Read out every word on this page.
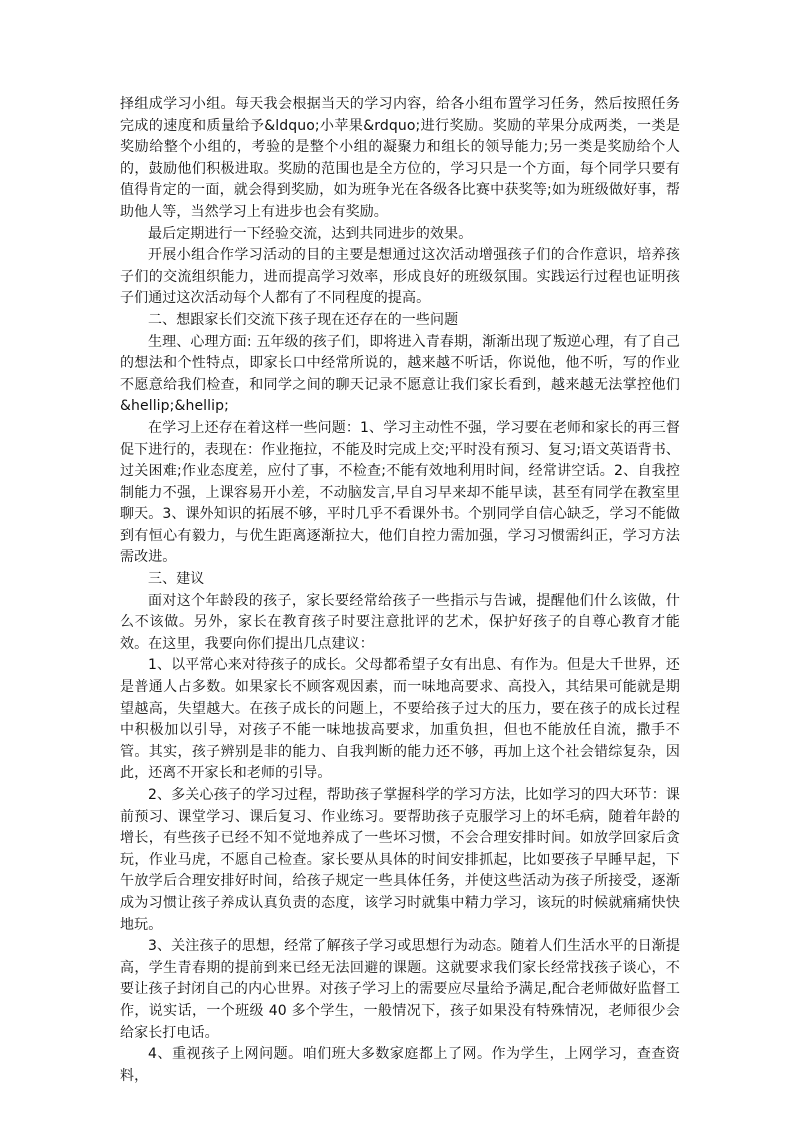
择组成学习小组。每天我会根据当天的学习内容，给各小组布置学习任务，然后按照任务完成的速度和质量给予&ldquo;小苹果&rdquo;进行奖励。奖励的苹果分成两类，一类是奖励给整个小组的，考验的是整个小组的凝聚力和组长的领导能力;另一类是奖励给个人的，鼓励他们积极进取。奖励的范围也是全方位的，学习只是一个方面，每个同学只要有值得肯定的一面，就会得到奖励，如为班争光在各级各比赛中获奖等;如为班级做好事，帮助他人等，当然学习上有进步也会有奖励。

最后定期进行一下经验交流，达到共同进步的效果。

开展小组合作学习活动的目的主要是想通过这次活动增强孩子们的合作意识，培养孩子们的交流组织能力，进而提高学习效率，形成良好的班级氛围。实践运行过程也证明孩子们通过这次活动每个人都有了不同程度的提高。

二、想跟家长们交流下孩子现在还存在的一些问题

生理、心理方面: 五年级的孩子们，即将进入青春期，渐渐出现了叛逆心理，有了自己的想法和个性特点，即家长口中经常所说的，越来越不听话，你说他，他不听，写的作业不愿意给我们检查，和同学之间的聊天记录不愿意让我们家长看到，越来越无法掌控他们&hellip;&hellip;

在学习上还存在着这样一些问题：1、学习主动性不强，学习要在老师和家长的再三督促下进行的，表现在：作业拖拉，不能及时完成上交;平时没有预习、复习;语文英语背书、过关困难;作业态度差，应付了事，不检查;不能有效地利用时间，经常讲空话。2、自我控制能力不强，上课容易开小差，不动脑发言,早自习早来却不能早读，甚至有同学在教室里聊天。3、课外知识的拓展不够，平时几乎不看课外书。个别同学自信心缺乏，学习不能做到有恒心有毅力，与优生距离逐渐拉大，他们自控力需加强，学习习惯需纠正，学习方法需改进。

三、建议

面对这个年龄段的孩子，家长要经常给孩子一些指示与告诫，提醒他们什么该做，什么不该做。另外，家长在教育孩子时要注意批评的艺术，保护好孩子的自尊心教育才能效。在这里，我要向你们提出几点建议：

1、以平常心来对待孩子的成长。父母都希望子女有出息、有作为。但是大千世界，还是普通人占多数。如果家长不顾客观因素，而一味地高要求、高投入，其结果可能就是期望越高，失望越大。在孩子成长的问题上，不要给孩子过大的压力，要在孩子的成长过程中积极加以引导，对孩子不能一味地拔高要求，加重负担，但也不能放任自流，撒手不管。其实，孩子辨别是非的能力、自我判断的能力还不够，再加上这个社会错综复杂，因此，还离不开家长和老师的引导。

2、多关心孩子的学习过程，帮助孩子掌握科学的学习方法，比如学习的四大环节：课前预习、课堂学习、课后复习、作业练习。要帮助孩子克服学习上的坏毛病，随着年龄的增长，有些孩子已经不知不觉地养成了一些坏习惯，不会合理安排时间。如放学回家后贪玩，作业马虎，不愿自己检查。家长要从具体的时间安排抓起，比如要孩子早睡早起，下午放学后合理安排好时间，给孩子规定一些具体任务，并使这些活动为孩子所接受，逐渐成为习惯让孩子养成认真负责的态度，该学习时就集中精力学习，该玩的时候就痛痛快快地玩。

3、关注孩子的思想，经常了解孩子学习或思想行为动态。随着人们生活水平的日渐提高，学生青春期的提前到来已经无法回避的课题。这就要求我们家长经常找孩子谈心，不要让孩子封闭自己的内心世界。对孩子学习上的需要应尽量给予满足,配合老师做好监督工作，说实话，一个班级 40 多个学生，一般情况下，孩子如果没有特殊情况，老师很少会给家长打电话。

4、重视孩子上网问题。咱们班大多数家庭都上了网。作为学生，上网学习，查查资料，
